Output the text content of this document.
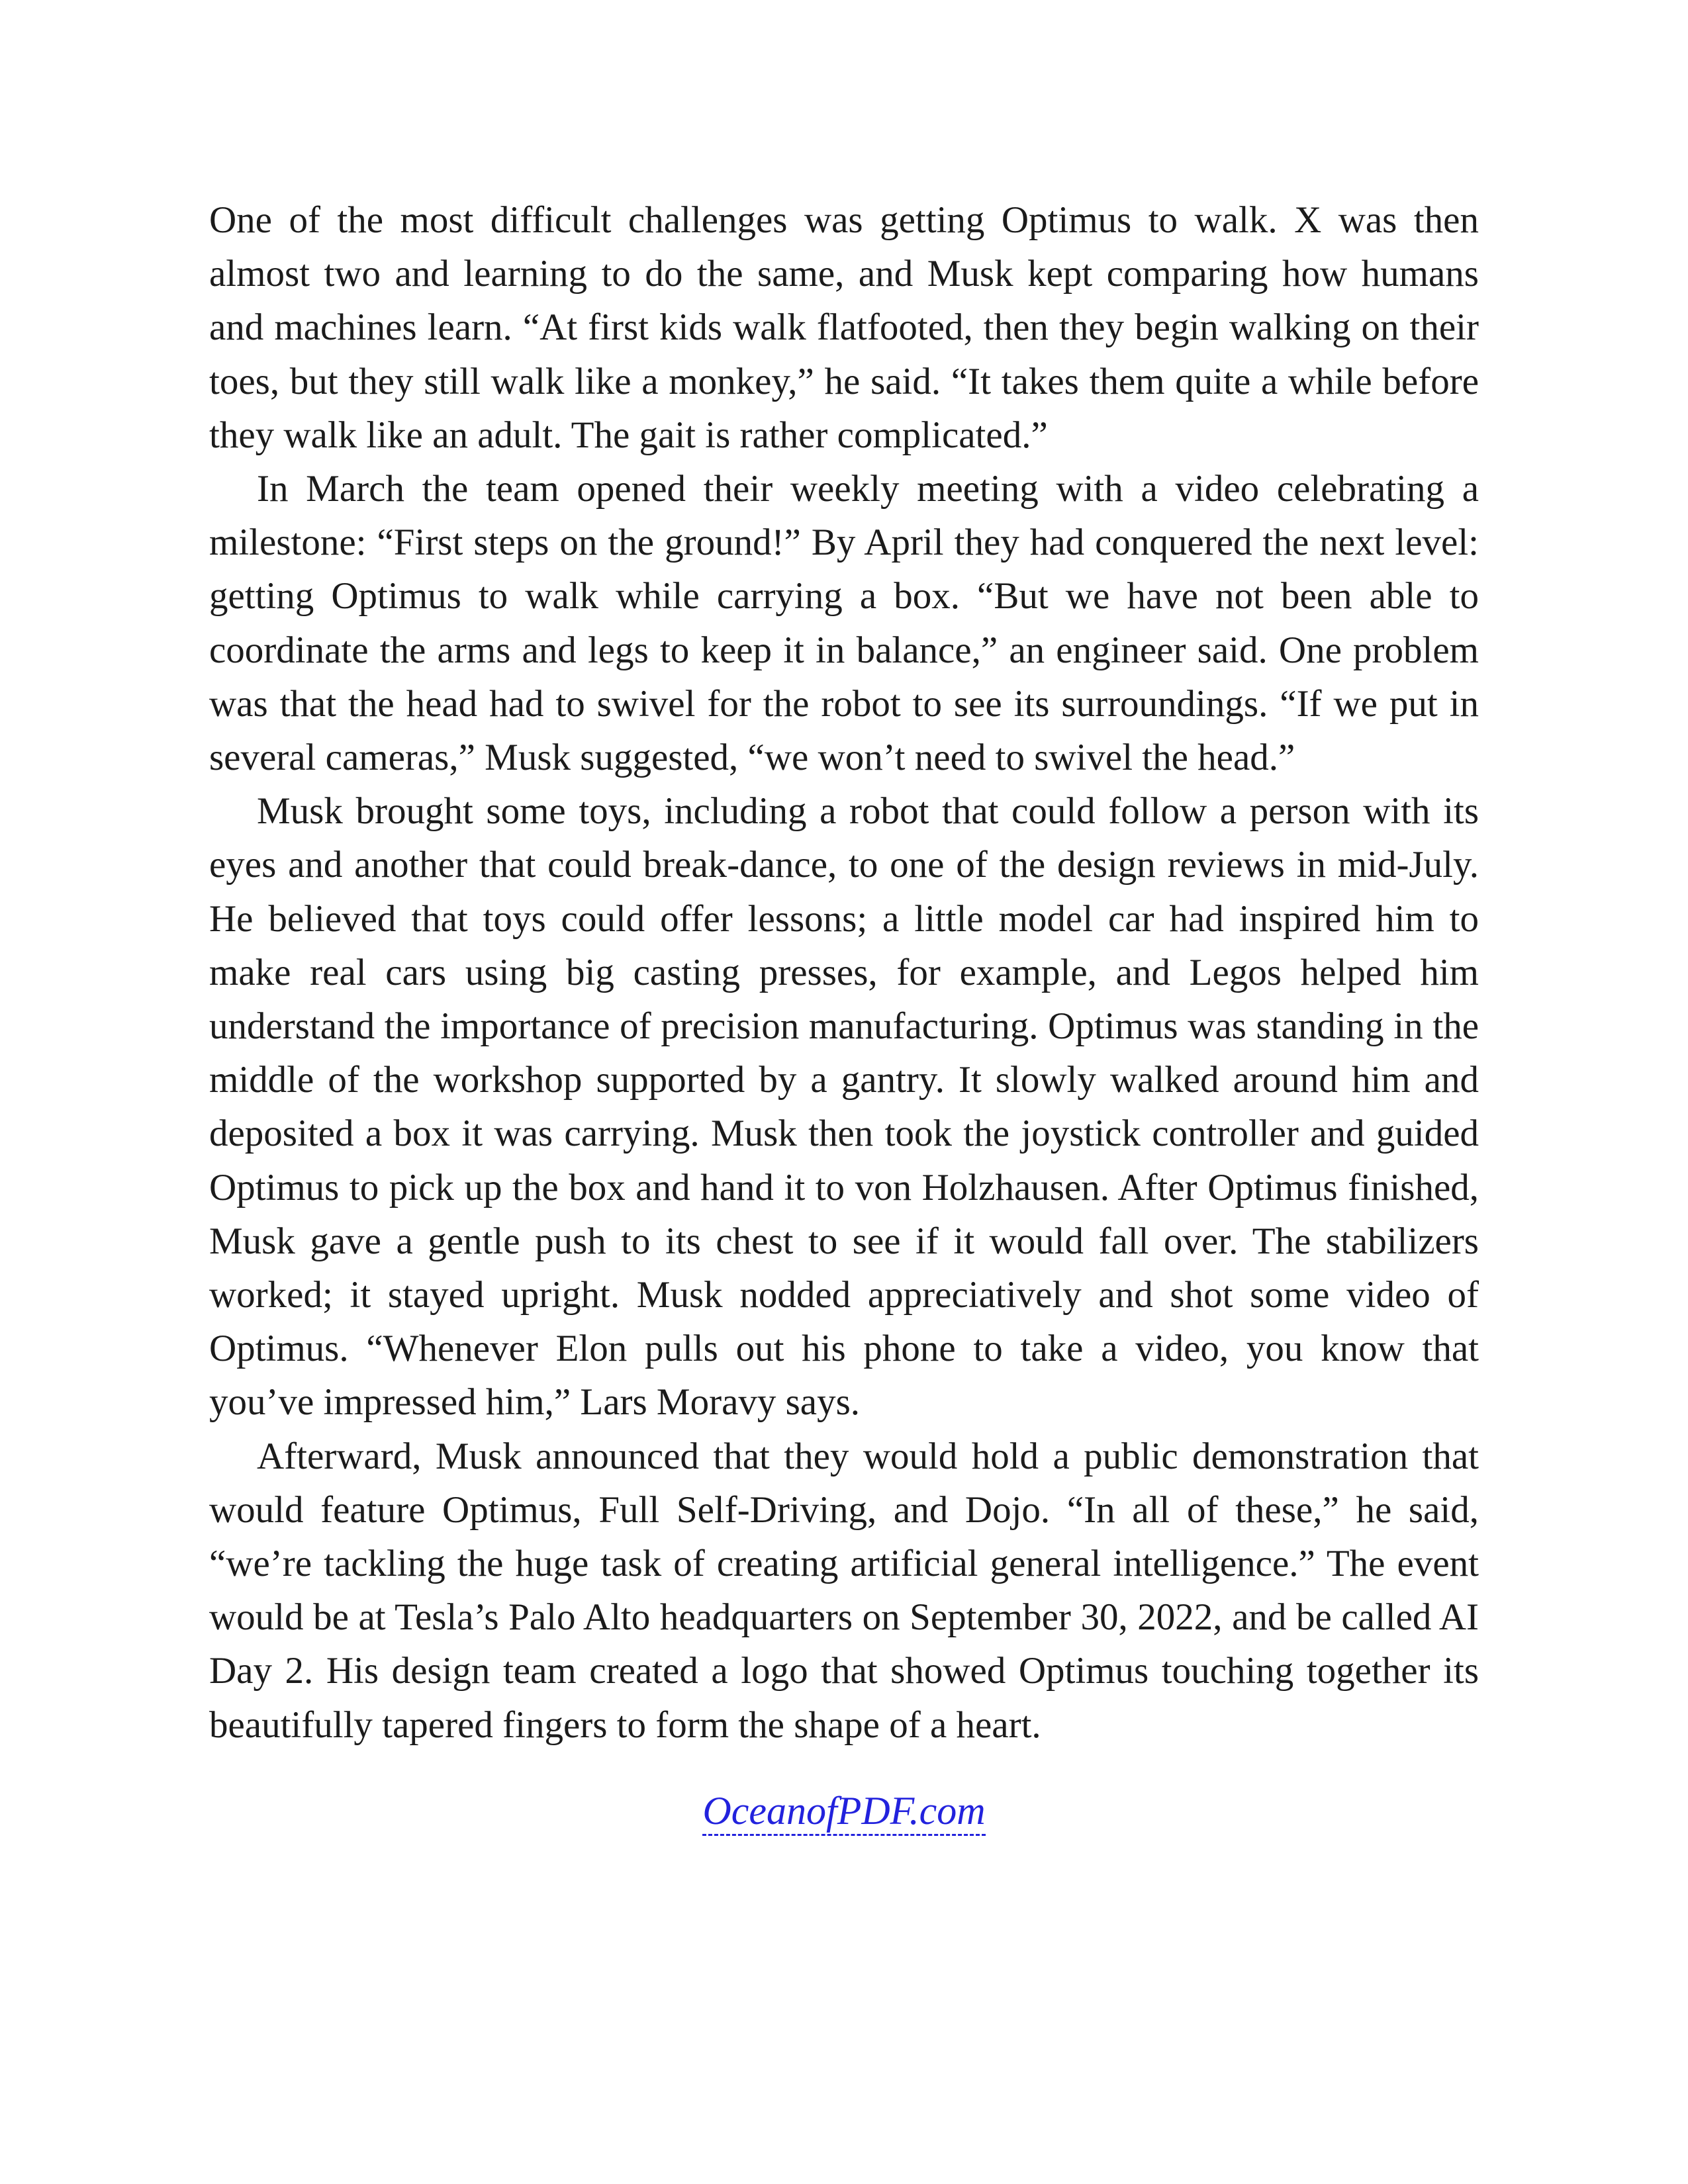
One of the most difficult challenges was getting Optimus to walk. X was then almost two and learning to do the same, and Musk kept comparing how humans and machines learn. “At first kids walk flatfooted, then they begin walking on their toes, but they still walk like a monkey,” he said. “It takes them quite a while before they walk like an adult. The gait is rather complicated.”

In March the team opened their weekly meeting with a video celebrating a milestone: “First steps on the ground!” By April they had conquered the next level: getting Optimus to walk while carrying a box. “But we have not been able to coordinate the arms and legs to keep it in balance,” an engineer said. One problem was that the head had to swivel for the robot to see its surroundings. “If we put in several cameras,” Musk suggested, “we won’t need to swivel the head.”

Musk brought some toys, including a robot that could follow a person with its eyes and another that could break-dance, to one of the design reviews in mid-July. He believed that toys could offer lessons; a little model car had inspired him to make real cars using big casting presses, for example, and Legos helped him understand the importance of precision manufacturing. Optimus was standing in the middle of the workshop supported by a gantry. It slowly walked around him and deposited a box it was carrying. Musk then took the joystick controller and guided Optimus to pick up the box and hand it to von Holzhausen. After Optimus finished, Musk gave a gentle push to its chest to see if it would fall over. The stabilizers worked; it stayed upright. Musk nodded appreciatively and shot some video of Optimus. “Whenever Elon pulls out his phone to take a video, you know that you’ve impressed him,” Lars Moravy says.

Afterward, Musk announced that they would hold a public demonstration that would feature Optimus, Full Self-Driving, and Dojo. “In all of these,” he said, “we’re tackling the huge task of creating artificial general intelligence.” The event would be at Tesla’s Palo Alto headquarters on September 30, 2022, and be called AI Day 2. His design team created a logo that showed Optimus touching together its beautifully tapered fingers to form the shape of a heart.

OceanofPDF.com
